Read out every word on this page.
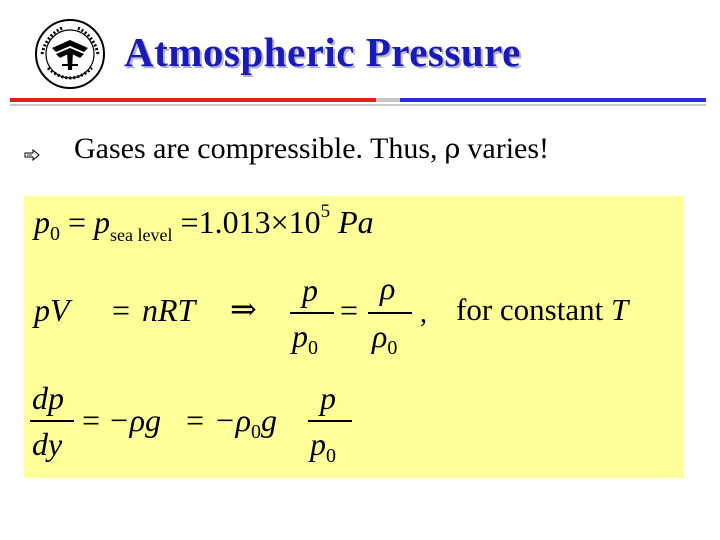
Atmospheric Pressure
Gases are compressible. Thus, ρ varies!
$p_0 = p_{sea level} =1.013\times 10^5$ Pa
pV = nRT ⇒ p
$p_0$
=
ρ
$\rho_0$
, for constant T
dp
dy
= $-\rho g = -\rho_0g$
p
$p_0$
